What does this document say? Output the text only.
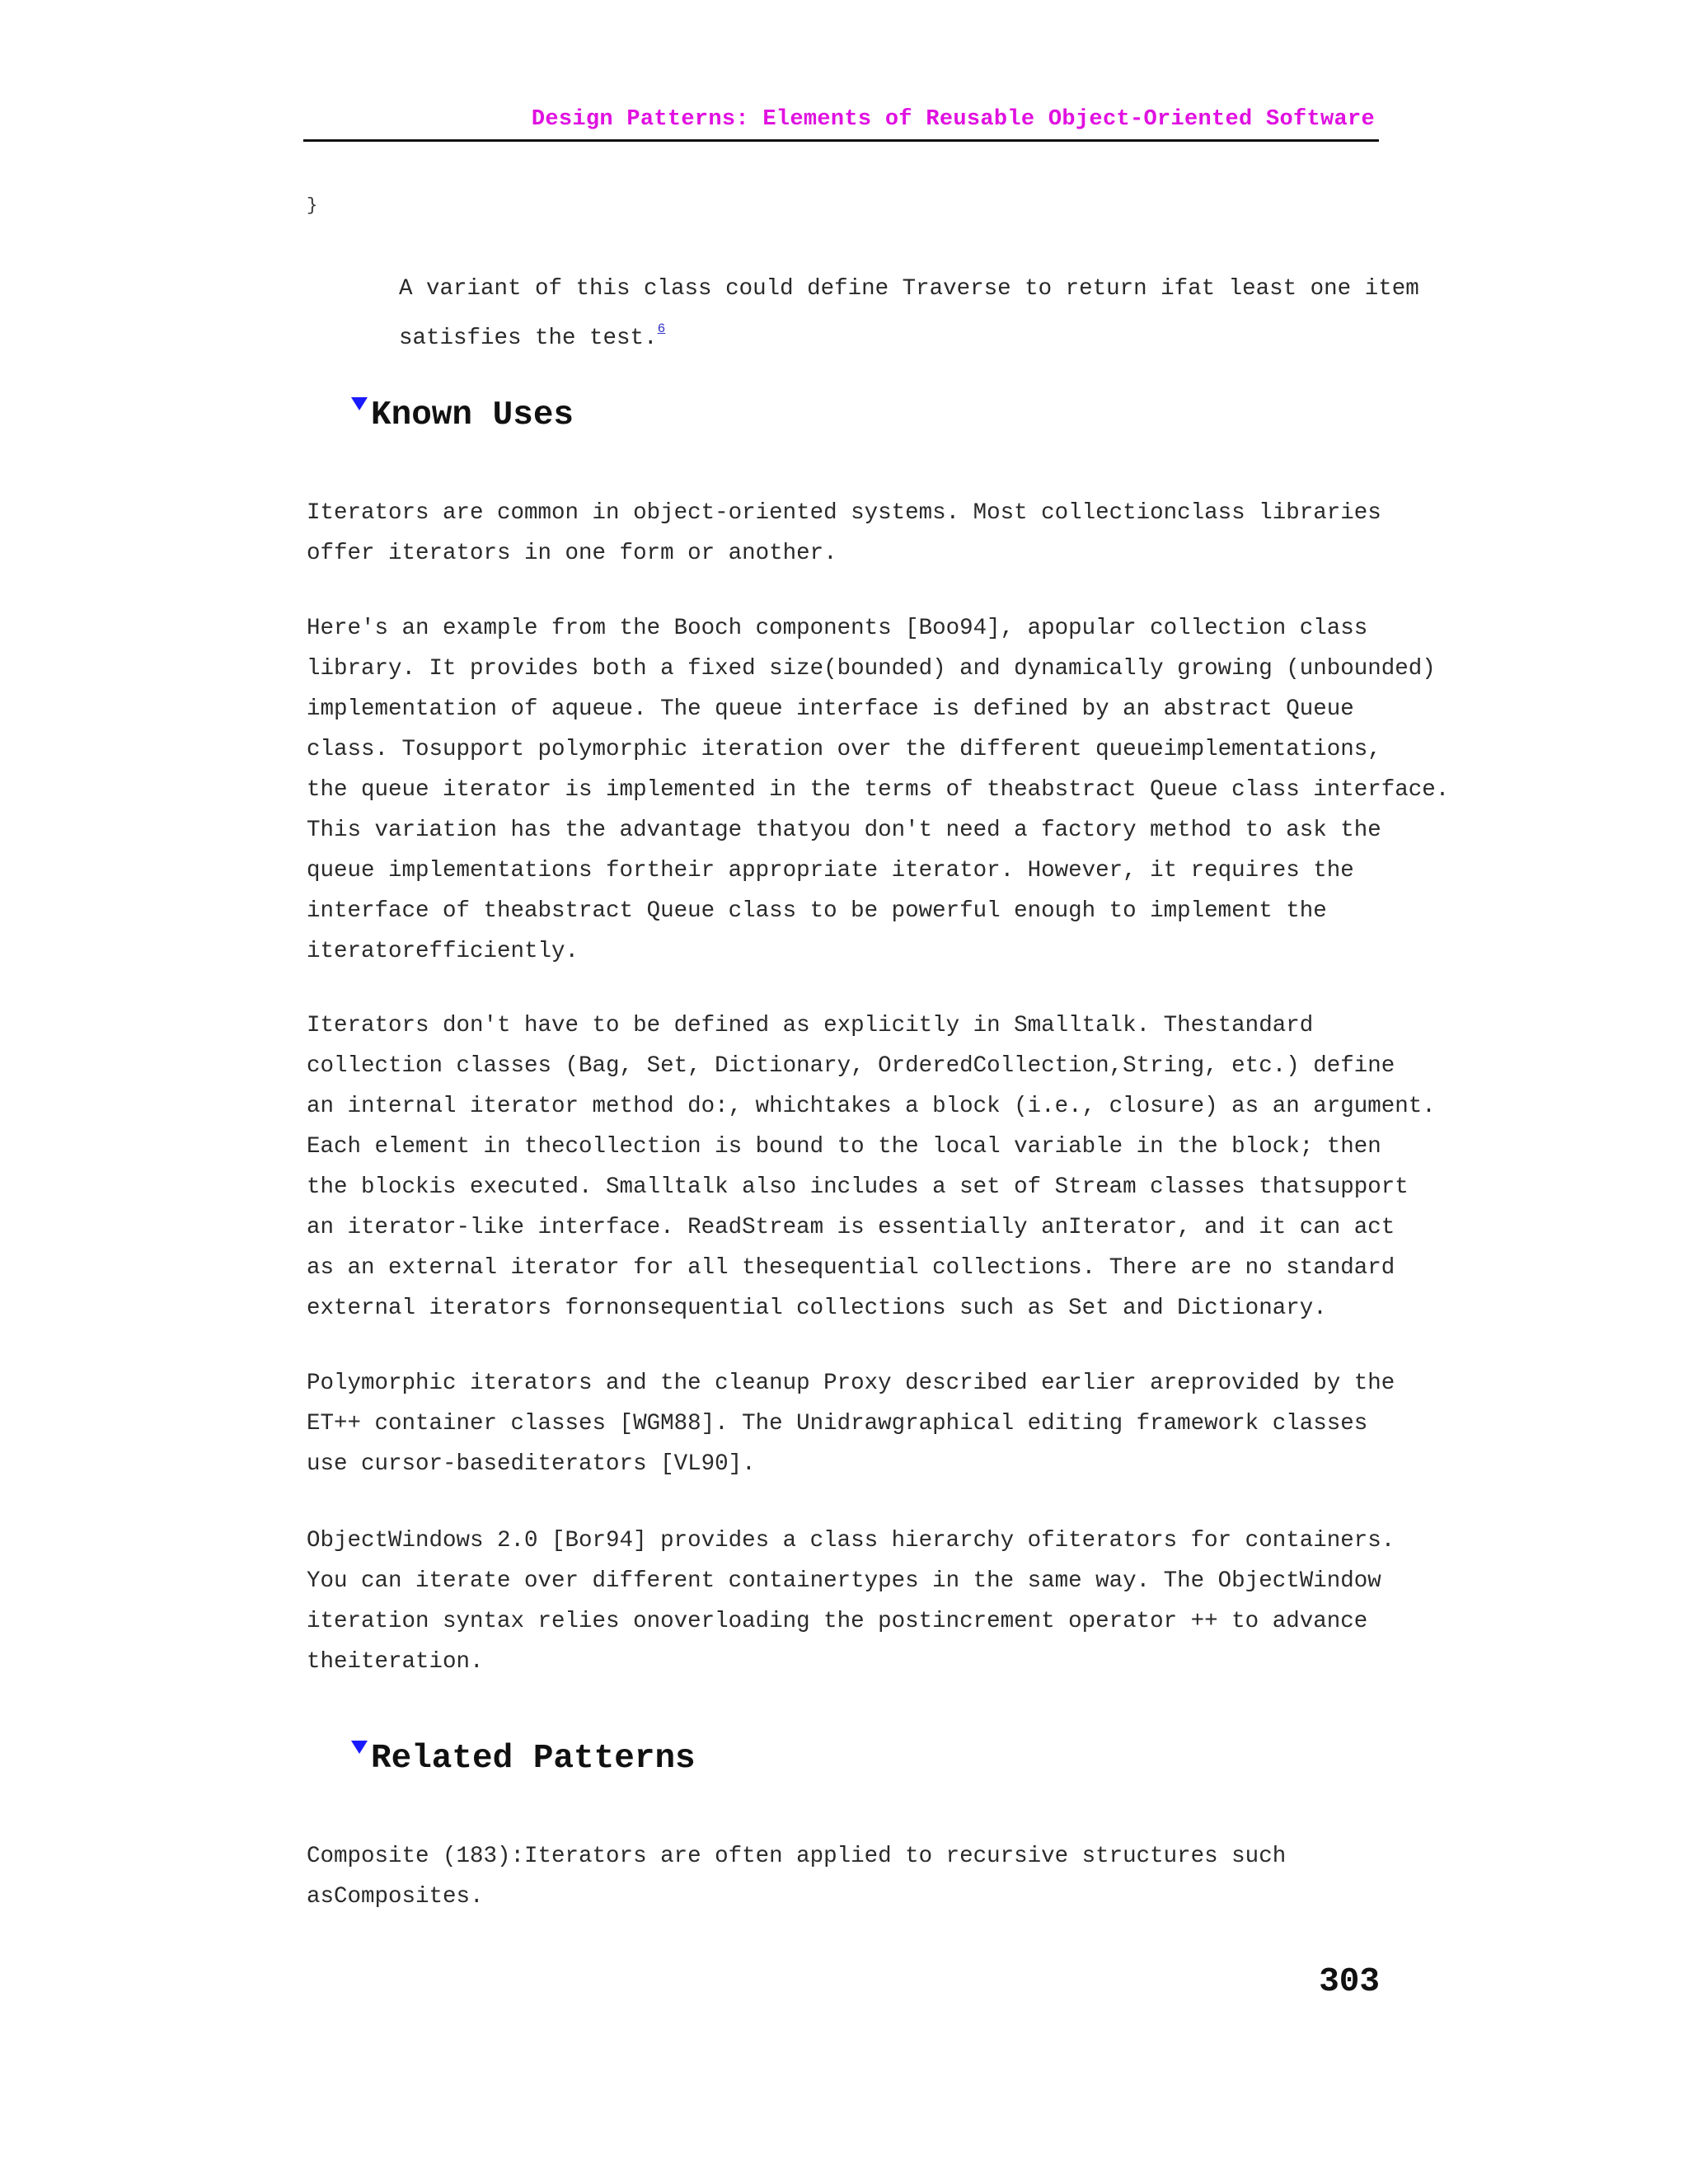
Design Patterns: Elements of Reusable Object-Oriented Software
}
A variant of this class could define Traverse to return ifat least one item
satisfies the test.$^6$
Known Uses
Iterators are common in object-oriented systems. Most collectionclass libraries
offer iterators in one form or another.
Here's an example from the Booch components [Boo94], apopular collection class
library. It provides both a fixed size(bounded) and dynamically growing (unbounded)
implementation of aqueue. The queue interface is defined by an abstract Queue
class. Tosupport polymorphic iteration over the different queueimplementations,
the queue iterator is implemented in the terms of theabstract Queue class interface.
This variation has the advantage thatyou don't need a factory method to ask the
queue implementations fortheir appropriate iterator. However, it requires the
interface of theabstract Queue class to be powerful enough to implement the
iteratorefficiently.
Iterators don't have to be defined as explicitly in Smalltalk. Thestandard
collection classes (Bag, Set, Dictionary, OrderedCollection,String, etc.) define
an internal iterator method do:, whichtakes a block (i.e., closure) as an argument.
Each element in thecollection is bound to the local variable in the block; then
the blockis executed. Smalltalk also includes a set of Stream classes thatsupport
an iterator-like interface. ReadStream is essentially anIterator, and it can act
as an external iterator for all thesequential collections. There are no standard
external iterators fornonsequential collections such as Set and Dictionary.
Polymorphic iterators and the cleanup Proxy described earlier areprovided by the
ET++ container classes [WGM88]. The Unidrawgraphical editing framework classes
use cursor-basediterators [VL90].
ObjectWindows 2.0 [Bor94] provides a class hierarchy ofiterators for containers.
You can iterate over different containertypes in the same way. The ObjectWindow
iteration syntax relies onoverloading the postincrement operator ++ to advance
theiteration.
Related Patterns
Composite (183):Iterators are often applied to recursive structures such
asComposites.
303
